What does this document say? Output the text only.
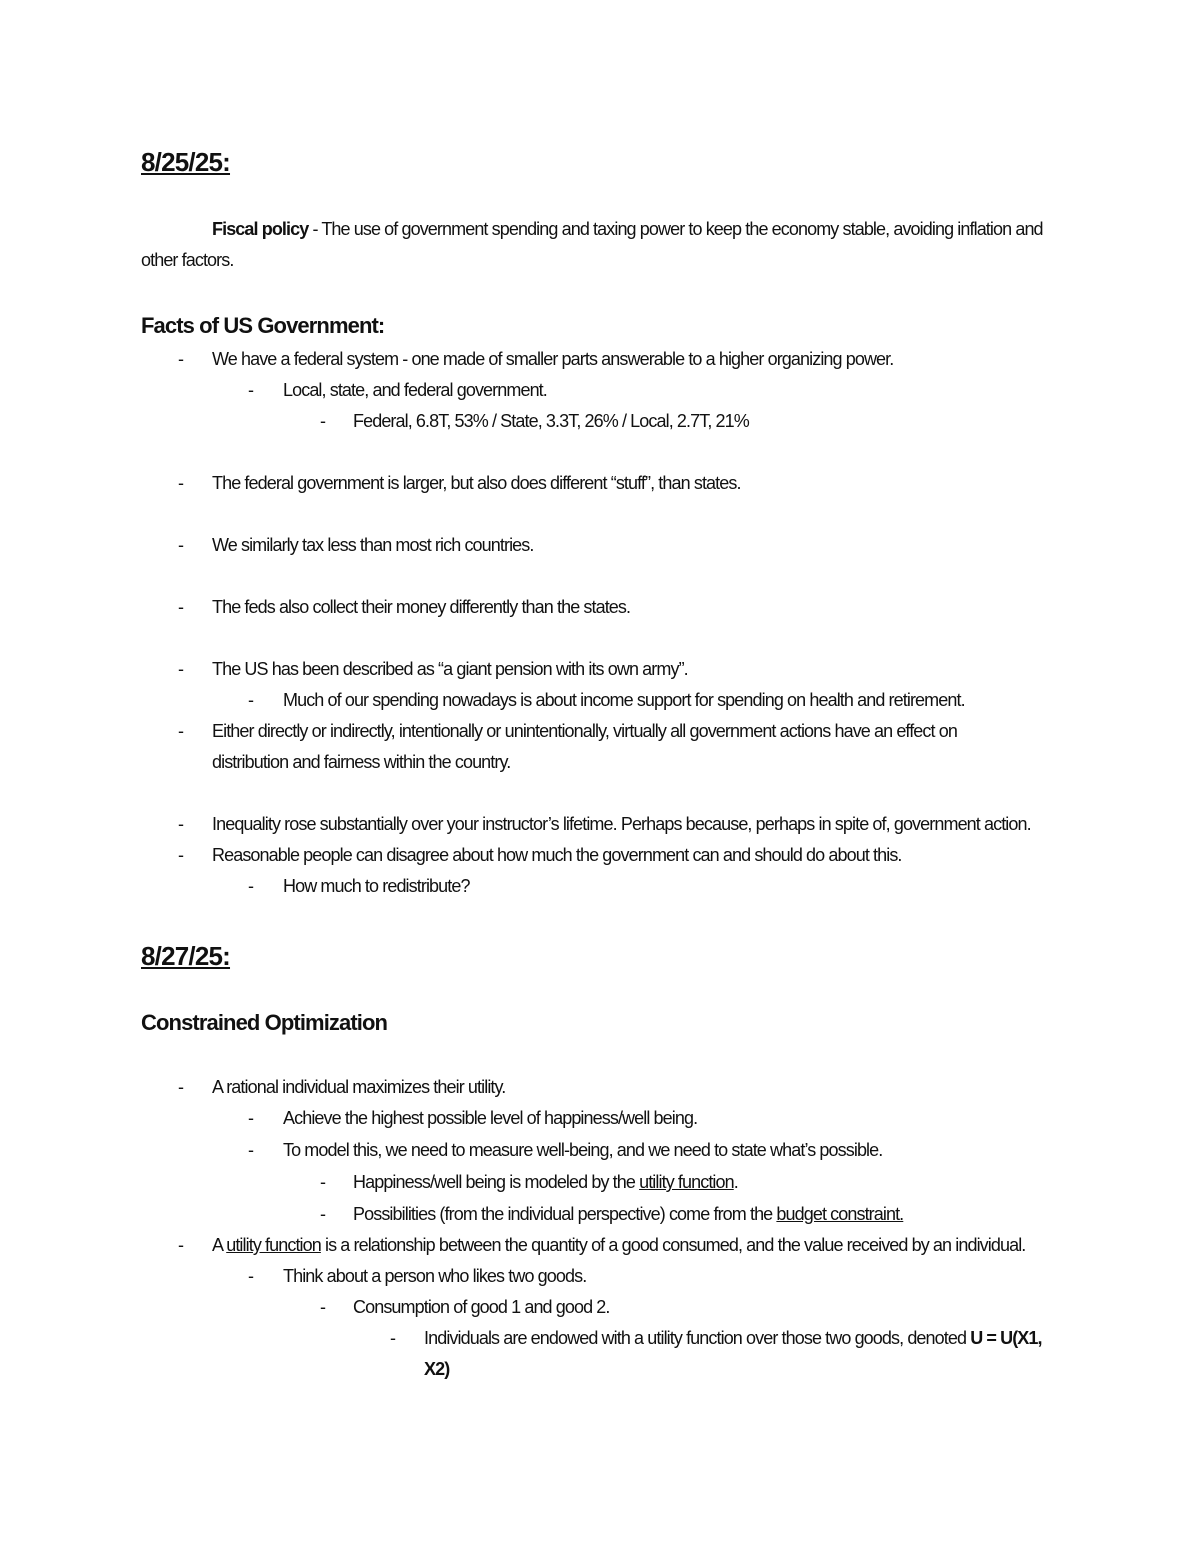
8/25/25:
Fiscal policy - The use of government spending and taxing power to keep the economy stable, avoiding inflation and
other factors.
Facts of US Government:
- We have a federal system - one made of smaller parts answerable to a higher organizing power.
- Local, state, and federal government.
- Federal, 6.8T, 53% / State, 3.3T, 26% / Local, 2.7T, 21%
- The federal government is larger, but also does different “stuff”, than states.
- We similarly tax less than most rich countries.
- The feds also collect their money differently than the states.
- The US has been described as “a giant pension with its own army”.
- Much of our spending nowadays is about income support for spending on health and retirement.
- Either directly or indirectly, intentionally or unintentionally, virtually all government actions have an effect on
distribution and fairness within the country.
- Inequality rose substantially over your instructor’s lifetime. Perhaps because, perhaps in spite of, government action.
- Reasonable people can disagree about how much the government can and should do about this.
- How much to redistribute?
8/27/25:
Constrained Optimization
- A rational individual maximizes their utility.
- Achieve the highest possible level of happiness/well being.
- To model this, we need to measure well-being, and we need to state what’s possible.
- Happiness/well being is modeled by the utility function.
- Possibilities (from the individual perspective) come from the budget constraint.
- A utility function is a relationship between the quantity of a good consumed, and the value received by an individual.
- Think about a person who likes two goods.
- Consumption of good 1 and good 2.
- Individuals are endowed with a utility function over those two goods, denoted U = U(X1,
X2)
